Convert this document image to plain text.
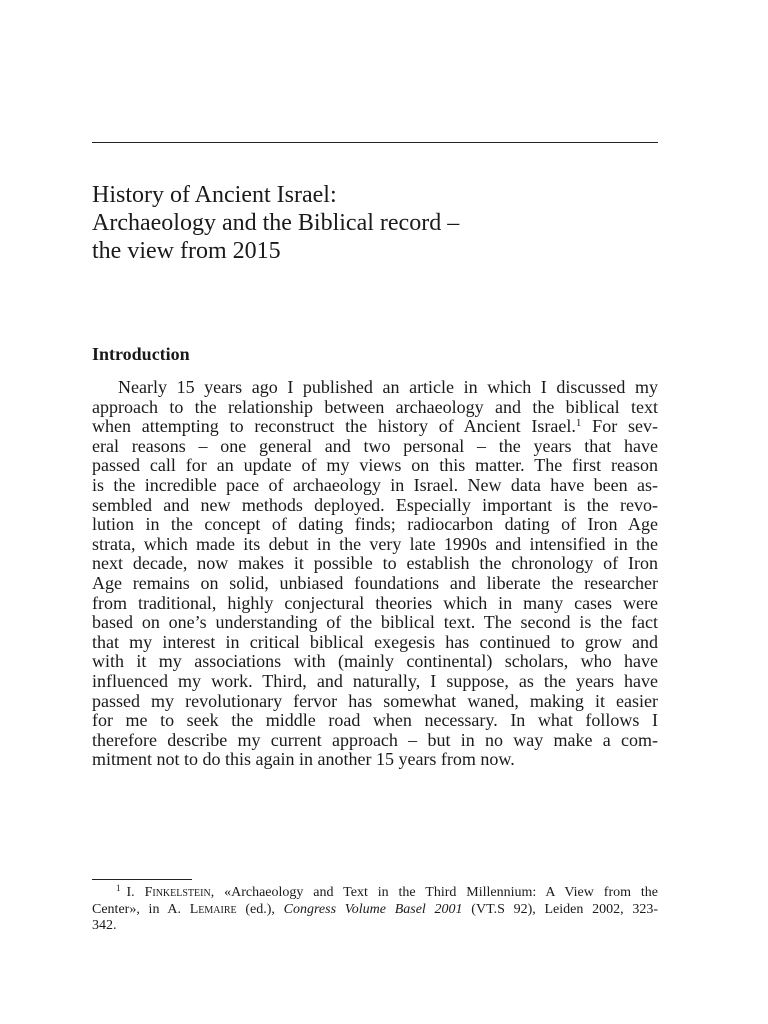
History of Ancient Israel:
Archaeology and the Biblical record –
the view from 2015
Introduction

Nearly 15 years ago I published an article in which I discussed my
approach to the relationship between archaeology and the biblical text
when attempting to reconstruct the history of Ancient Israel.$^1$ For sev-
eral reasons – one general and two personal – the years that have
passed call for an update of my views on this matter. The first reason
is the incredible pace of archaeology in Israel. New data have been as-
sembled and new methods deployed. Especially important is the revo-
lution in the concept of dating finds; radiocarbon dating of Iron Age
strata, which made its debut in the very late 1990s and intensified in the
next decade, now makes it possible to establish the chronology of Iron
Age remains on solid, unbiased foundations and liberate the researcher
from traditional, highly conjectural theories which in many cases were
based on one’s understanding of the biblical text. The second is the fact
that my interest in critical biblical exegesis has continued to grow and
with it my associations with (mainly continental) scholars, who have
influenced my work. Third, and naturally, I suppose, as the years have
passed my revolutionary fervor has somewhat waned, making it easier
for me to seek the middle road when necessary. In what follows I
therefore describe my current approach – but in no way make a com-
mitment not to do this again in another 15 years from now.

$^1$ I. Finkelstein, «Archaeology and Text in the Third Millennium: A View from the
Center», in A. Lemaire (ed.), Congress Volume Basel 2001 (VT.S 92), Leiden 2002, 323-
342.
